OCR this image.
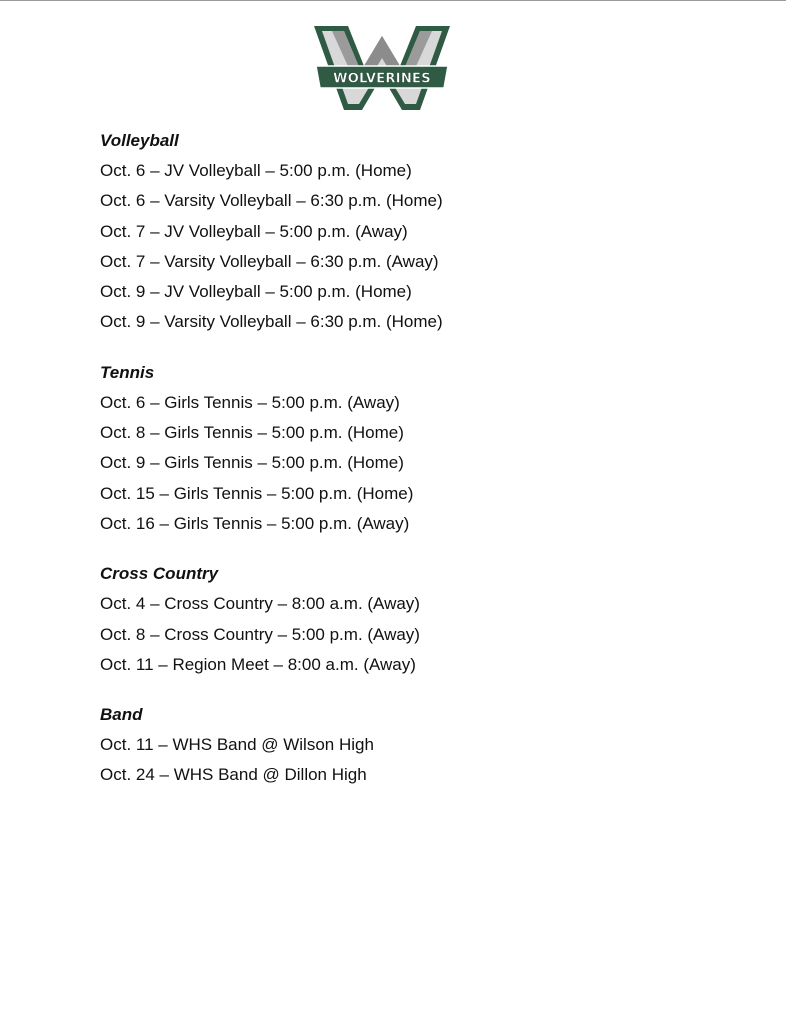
WOLVERINES
Volleyball
Oct. 6 – JV Volleyball – 5:00 p.m. (Home)
Oct. 6 – Varsity Volleyball – 6:30 p.m. (Home)
Oct. 7 – JV Volleyball – 5:00 p.m. (Away)
Oct. 7 – Varsity Volleyball – 6:30 p.m. (Away)
Oct. 9 – JV Volleyball – 5:00 p.m. (Home)
Oct. 9 – Varsity Volleyball – 6:30 p.m. (Home)
Tennis
Oct. 6 – Girls Tennis – 5:00 p.m. (Away)
Oct. 8 – Girls Tennis – 5:00 p.m. (Home)
Oct. 9 – Girls Tennis – 5:00 p.m. (Home)
Oct. 15 – Girls Tennis – 5:00 p.m. (Home)
Oct. 16 – Girls Tennis – 5:00 p.m. (Away)
Cross Country
Oct. 4 – Cross Country – 8:00 a.m. (Away)
Oct. 8 – Cross Country – 5:00 p.m. (Away)
Oct. 11 – Region Meet – 8:00 a.m. (Away)
Band
Oct. 11 – WHS Band @ Wilson High
Oct. 24 – WHS Band @ Dillon High
